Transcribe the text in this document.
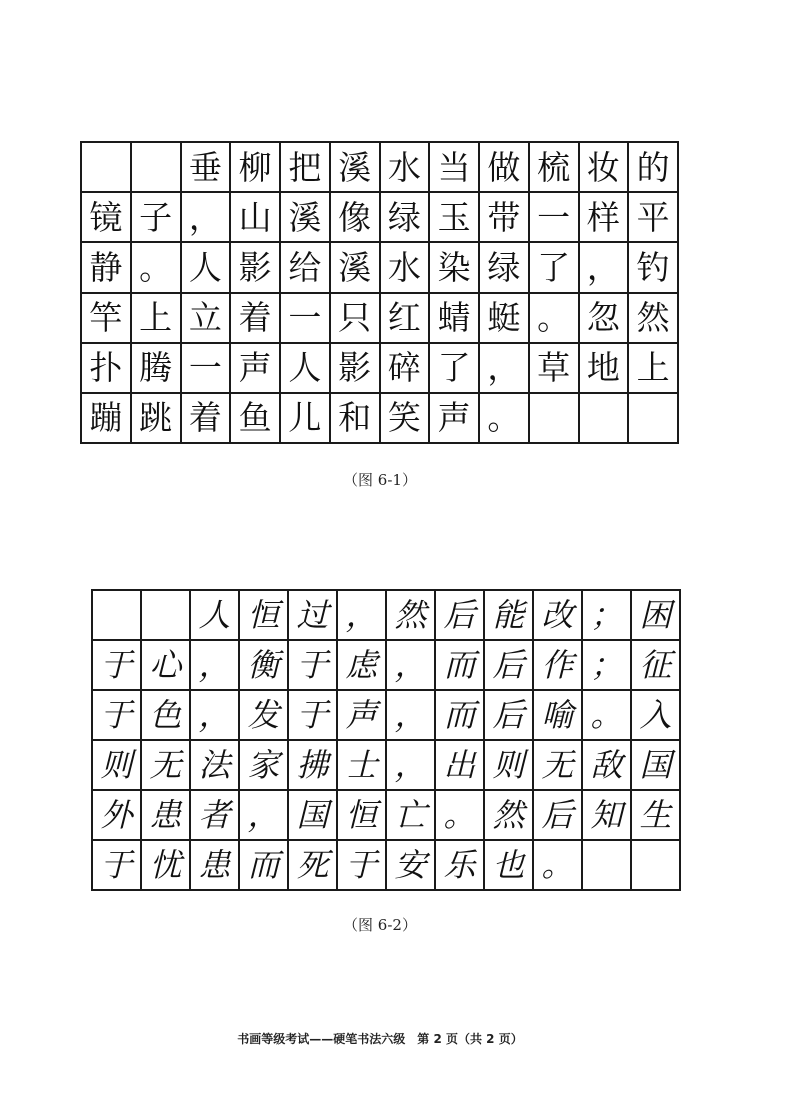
垂 柳 把 溪 水 当 做 梳 妆 的
镜 子 ， 山 溪 像 绿 玉 带 一 样 平
静 。 人 影 给 溪 水 染 绿 了 ， 钓
竿 上 立 着 一 只 红 蜻 蜓 。 忽 然
扑 腾 一 声 人 影 碎 了 ， 草 地 上
蹦 跳 着 鱼 儿 和 笑 声 。
（图 6-1）
人 恒 过 ， 然 后 能 改 ； 困
于 心 ， 衡 于 虑 ， 而 后 作 ； 征
于 色 ， 发 于 声 ， 而 后 喻 。 入
则 无 法 家 拂 士 ， 出 则 无 敌 国
外 患 者 ， 国 恒 亡 。 然 后 知 生
于 忧 患 而 死 于 安 乐 也 。
（图 6-2）
书画等级考试——硬笔书法六级　第 2 页（共 2 页）
